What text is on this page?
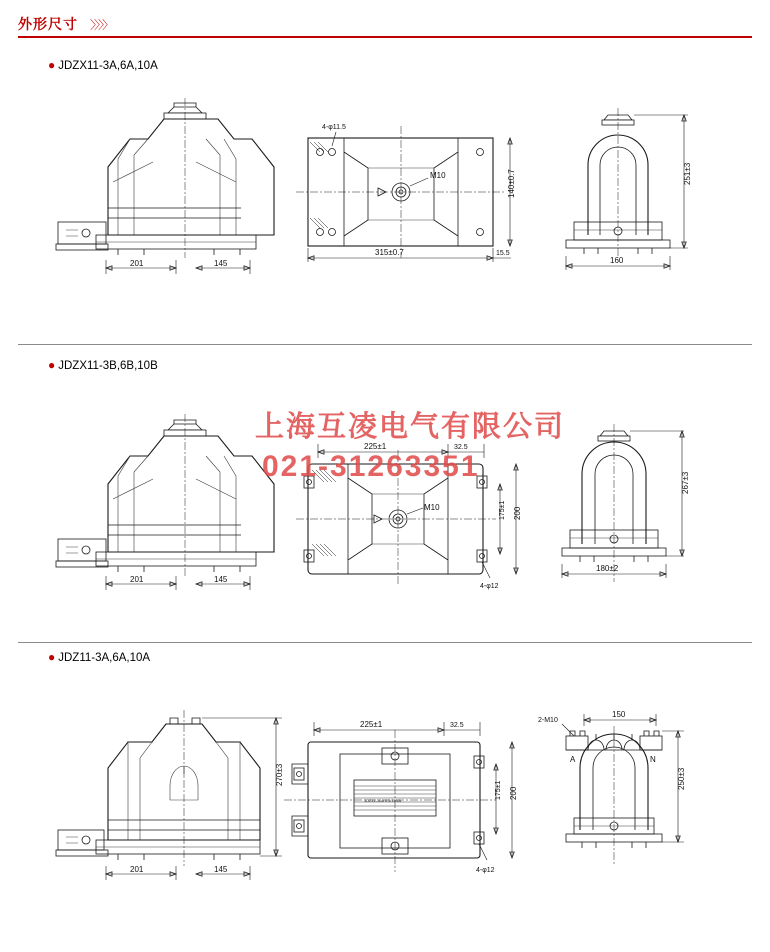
外形尺寸 〉〉〉〉
● JDZX11-3A,6A,10A
201	145
4-φ11.5
M10
315±0.7
140±0.7
15.5
251±3
160
● JDZX11-3B,6B,10B
201	145
M10
225±1	32.5
175±1 200
4-φ12
267±3
180±2
● JDZ11-3A,6A,10A
270±3
201	145
JDZ11-10A 0.5/10VA
225±1	32.5
175±1 200
4-φ12
A	N
2-M10
150
250±3
上海互凌电气有限公司
021-31263351
